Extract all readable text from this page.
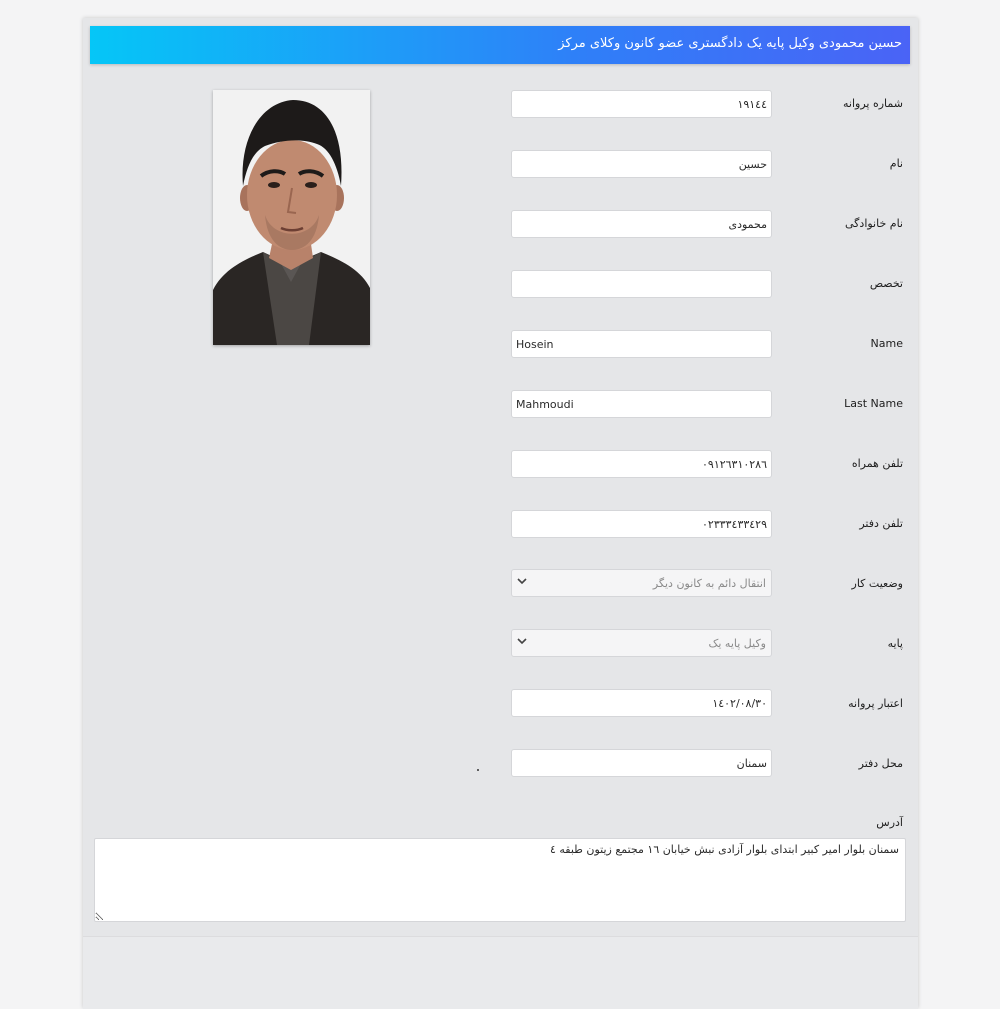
حسین محمودی وکیل پایه یک دادگستری عضو کانون وکلای مرکز
شماره پروانه
١٩١٤٤
نام
حسین
نام خانوادگی
محمودی
تخصص
Name
Hosein
Last Name
Mahmoudi
تلفن همراه
٠٩١٢٦٣١٠٢٨٦
تلفن دفتر
٠٢٣٣٣٤٣٣٤٢٩
وضعیت کار
انتقال دائم به کانون دیگر
پایه
وکیل پایه یک
اعتبار پروانه
١٤٠٢/٠٨/٣٠
محل دفتر
سمنان
آدرس
سمنان بلوار امیر کبیر ابتدای بلوار آزادی نبش خیابان ١٦ مجتمع زیتون طبقه ٤
